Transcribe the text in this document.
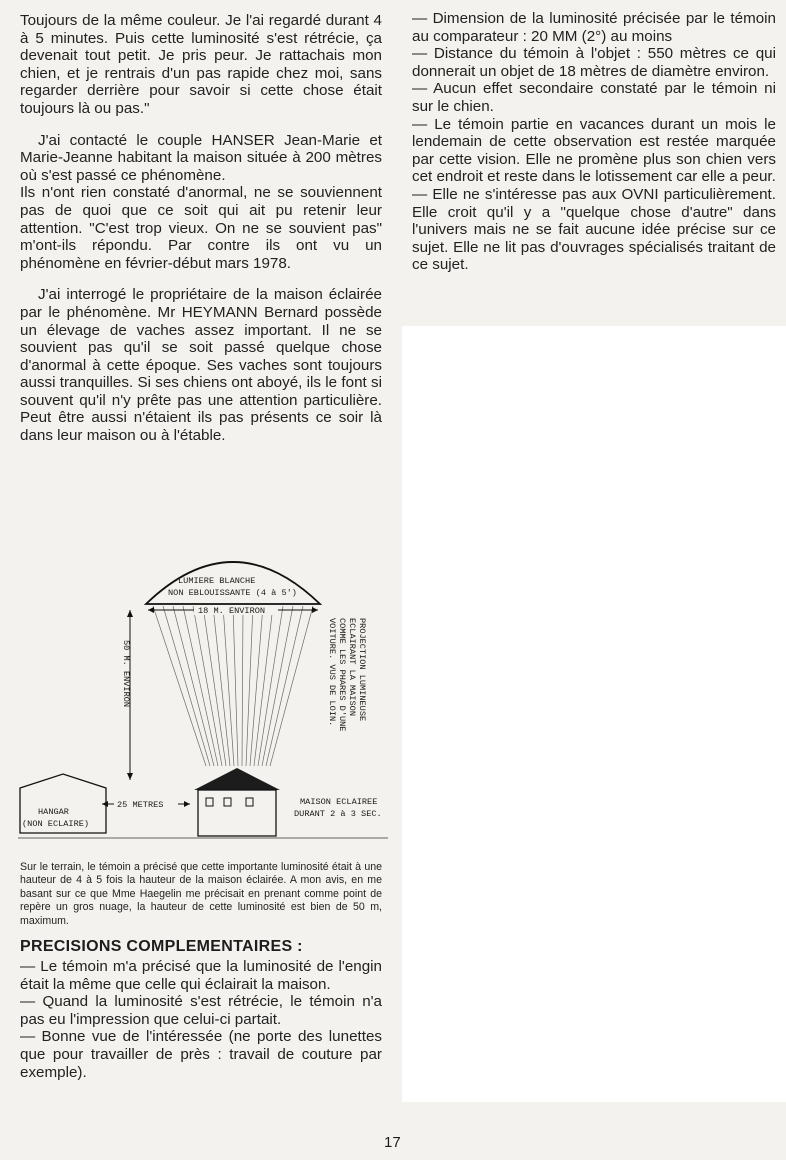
Toujours de la même couleur. Je l'ai regardé durant 4 à 5 minutes. Puis cette luminosité s'est rétrécie, ça devenait tout petit. Je pris peur. Je rattachais mon chien, et je rentrais d'un pas rapide chez moi, sans regarder derrière pour savoir si cette chose était toujours là ou pas."

J'ai contacté le couple HANSER Jean-Marie et Marie-Jeanne habitant la maison située à 200 mètres où s'est passé ce phénomène.

Ils n'ont rien constaté d'anormal, ne se souviennent pas de quoi que ce soit qui ait pu retenir leur attention. "C'est trop vieux. On ne se souvient pas" m'ont-ils répondu. Par contre ils ont vu un phénomène en février-début mars 1978.

J'ai interrogé le propriétaire de la maison éclairée par le phénomène. Mr HEYMANN Bernard possède un élevage de vaches assez important. Il ne se souvient pas qu'il se soit passé quelque chose d'anormal à cette époque. Ses vaches sont toujours aussi tranquilles. Si ses chiens ont aboyé, ils le font si souvent qu'il n'y prête pas une attention particulière. Peut être aussi n'étaient ils pas présents ce soir là dans leur maison ou à l'étable.

LUMIERE BLANCHE
NON EBLOUISSANTE (4 à 5')
18 M. ENVIRON
50 M. ENVIRON	PROJECTION LUMINEUSE
ECLAIRANT LA MAISON
COMME LES PHARES D'UNE
VOITURE. VUS DE LOIN.
HANGAR
(NON ECLAIRE)
25 METRES	MAISON ECLAIREE
DURANT 2 à 3 SEC.

Sur le terrain, le témoin a précisé que cette importante luminosité était à une hauteur de 4 à 5 fois la hauteur de la maison éclairée. A mon avis, en me basant sur ce que Mme Haegelin me précisait en prenant comme point de repère un gros nuage, la hauteur de cette luminosité est bien de 50 m, maximum.

PRECISIONS COMPLEMENTAIRES :

— Le témoin m'a précisé que la luminosité de l'engin était la même que celle qui éclairait la maison.

— Quand la luminosité s'est rétrécie, le témoin n'a pas eu l'impression que celui-ci partait.

— Bonne vue de l'intéressée (ne porte des lunettes que pour travailler de près : travail de couture par exemple).

— Dimension de la luminosité précisée par le témoin au comparateur : 20 MM (2°) au moins

— Distance du témoin à l'objet : 550 mètres ce qui donnerait un objet de 18 mètres de diamètre environ.

— Aucun effet secondaire constaté par le témoin ni sur le chien.

— Le témoin partie en vacances durant un mois le lendemain de cette observation est restée marquée par cette vision. Elle ne promène plus son chien vers cet endroit et reste dans le lotissement car elle a peur.

— Elle ne s'intéresse pas aux OVNI particulièrement. Elle croit qu'il y a "quelque chose d'autre" dans l'univers mais ne se fait aucune idée précise sur ce sujet. Elle ne lit pas d'ouvrages spécialisés traitant de ce sujet.

17
